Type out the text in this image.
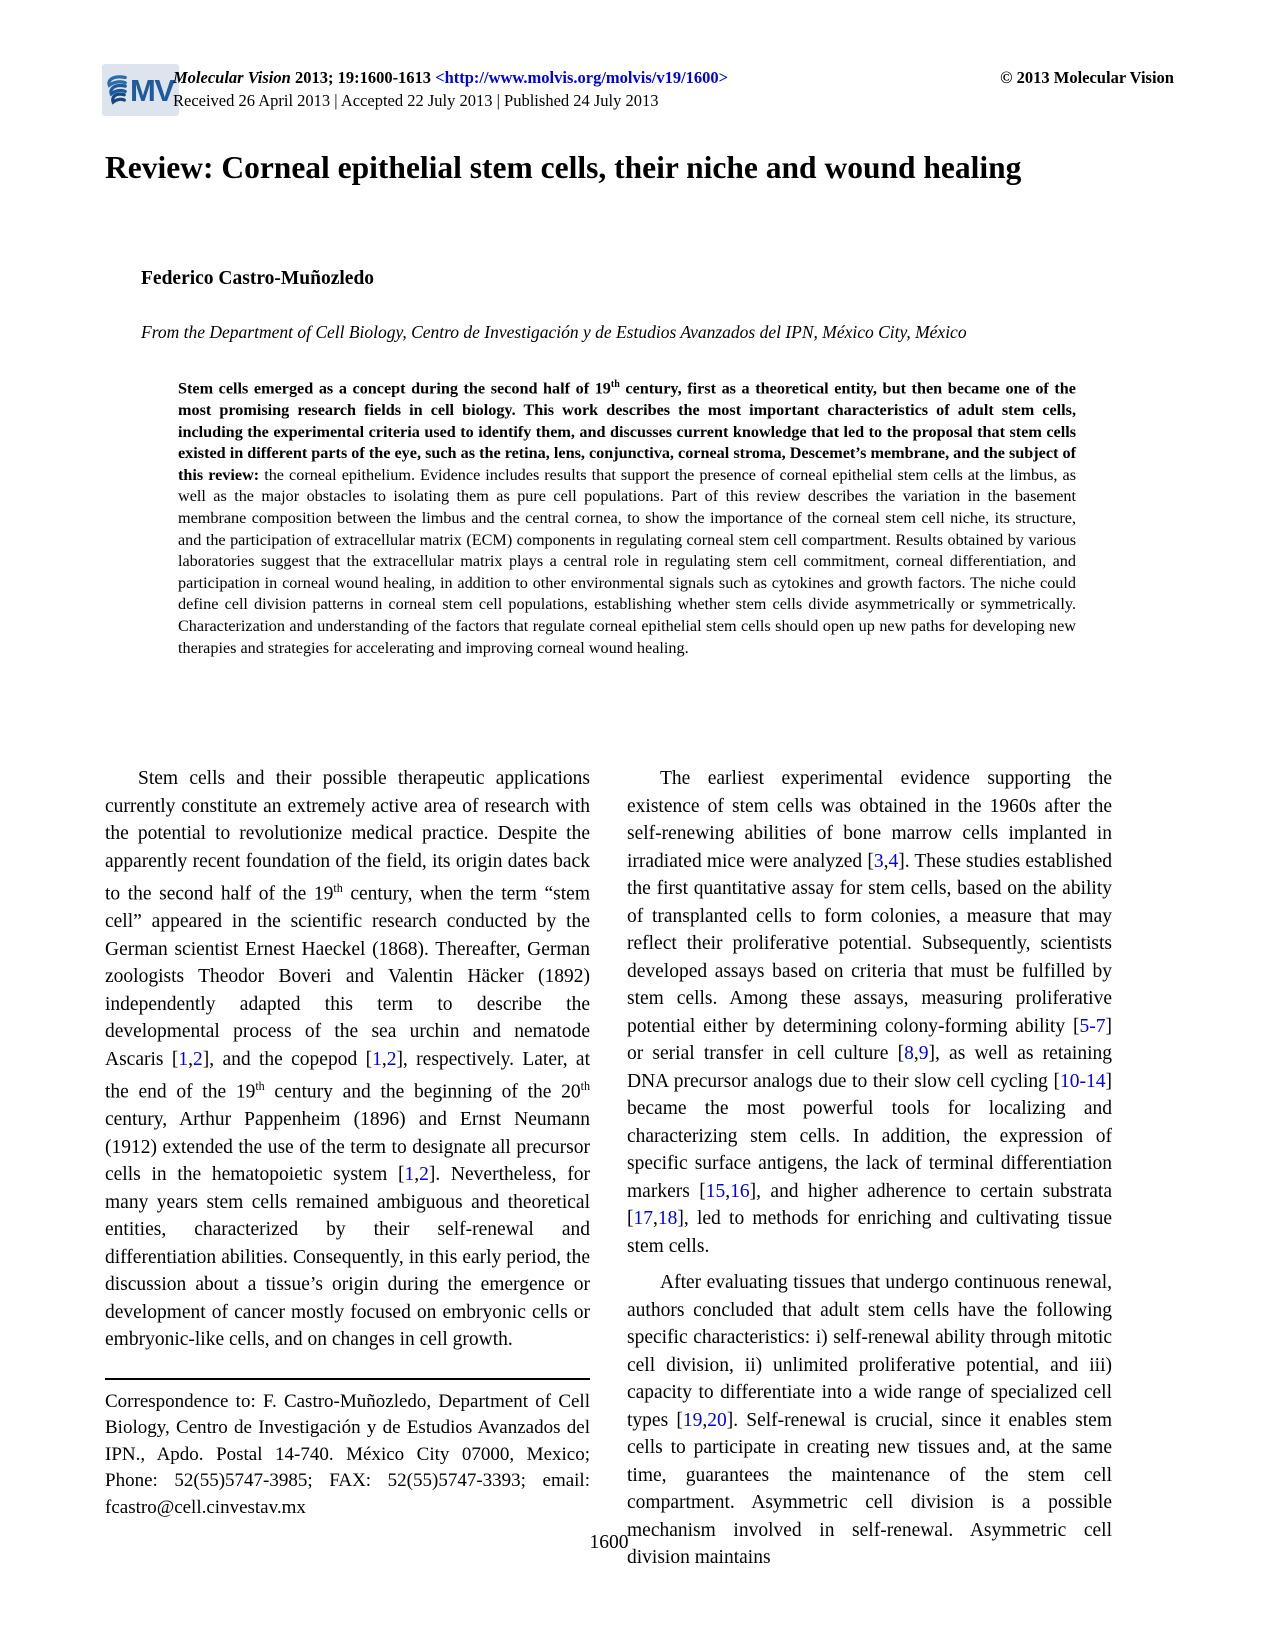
MV Molecular Vision 2013; 19:1600-1613 <http://www.molvis.org/molvis/v19/1600>
Received 26 April 2013 | Accepted 22 July 2013 | Published 24 July 2013
© 2013 Molecular Vision
Review: Corneal epithelial stem cells, their niche and wound healing
Federico Castro-Muñozledo
From the Department of Cell Biology, Centro de Investigación y de Estudios Avanzados del IPN, México City, México
Stem cells emerged as a concept during the second half of 19th century, first as a theoretical entity, but then became one of the most promising research fields in cell biology. This work describes the most important characteristics of adult stem cells, including the experimental criteria used to identify them, and discusses current knowledge that led to the proposal that stem cells existed in different parts of the eye, such as the retina, lens, conjunctiva, corneal stroma, Descemet’s membrane, and the subject of this review: the corneal epithelium. Evidence includes results that support the presence of corneal epithelial stem cells at the limbus, as well as the major obstacles to isolating them as pure cell populations. Part of this review describes the variation in the basement membrane composition between the limbus and the central cornea, to show the importance of the corneal stem cell niche, its structure, and the participation of extracellular matrix (ECM) components in regulating corneal stem cell compartment. Results obtained by various laboratories suggest that the extracellular matrix plays a central role in regulating stem cell commitment, corneal differentiation, and participation in corneal wound healing, in addition to other environmental signals such as cytokines and growth factors. The niche could define cell division patterns in corneal stem cell populations, establishing whether stem cells divide asymmetrically or symmetrically. Characterization and understanding of the factors that regulate corneal epithelial stem cells should open up new paths for developing new therapies and strategies for accelerating and improving corneal wound healing.

Stem cells and their possible therapeutic applications currently constitute an extremely active area of research with the potential to revolutionize medical practice. Despite the apparently recent foundation of the field, its origin dates back to the second half of the 19th century, when the term “stem cell” appeared in the scientific research conducted by the German scientist Ernest Haeckel (1868). Thereafter, German zoologists Theodor Boveri and Valentin Häcker (1892) independently adapted this term to describe the developmental process of the sea urchin and nematode Ascaris [1,2], and the copepod [1,2], respectively. Later, at the end of the 19th century and the beginning of the 20th century, Arthur Pappenheim (1896) and Ernst Neumann (1912) extended the use of the term to designate all precursor cells in the hematopoietic system [1,2]. Nevertheless, for many years stem cells remained ambiguous and theoretical entities, characterized by their self-renewal and differentiation abilities. Consequently, in this early period, the discussion about a tissue’s origin during the emergence or development of cancer mostly focused on embryonic cells or embryonic-like cells, and on changes in cell growth.

Correspondence to: F. Castro-Muñozledo, Department of Cell Biology, Centro de Investigación y de Estudios Avanzados del IPN., Apdo. Postal 14-740. México City 07000, Mexico; Phone: 52(55)5747-3985; FAX: 52(55)5747-3393; email: fcastro@cell.cinvestav.mx

The earliest experimental evidence supporting the existence of stem cells was obtained in the 1960s after the self-renewing abilities of bone marrow cells implanted in irradiated mice were analyzed [3,4]. These studies established the first quantitative assay for stem cells, based on the ability of transplanted cells to form colonies, a measure that may reflect their proliferative potential. Subsequently, scientists developed assays based on criteria that must be fulfilled by stem cells. Among these assays, measuring proliferative potential either by determining colony-forming ability [5-7] or serial transfer in cell culture [8,9], as well as retaining DNA precursor analogs due to their slow cell cycling [10-14] became the most powerful tools for localizing and characterizing stem cells. In addition, the expression of specific surface antigens, the lack of terminal differentiation markers [15,16], and higher adherence to certain substrata [17,18], led to methods for enriching and cultivating tissue stem cells.

After evaluating tissues that undergo continuous renewal, authors concluded that adult stem cells have the following specific characteristics: i) self-renewal ability through mitotic cell division, ii) unlimited proliferative potential, and iii) capacity to differentiate into a wide range of specialized cell types [19,20]. Self-renewal is crucial, since it enables stem cells to participate in creating new tissues and, at the same time, guarantees the maintenance of the stem cell compartment. Asymmetric cell division is a possible mechanism involved in self-renewal. Asymmetric cell division maintains

1600
